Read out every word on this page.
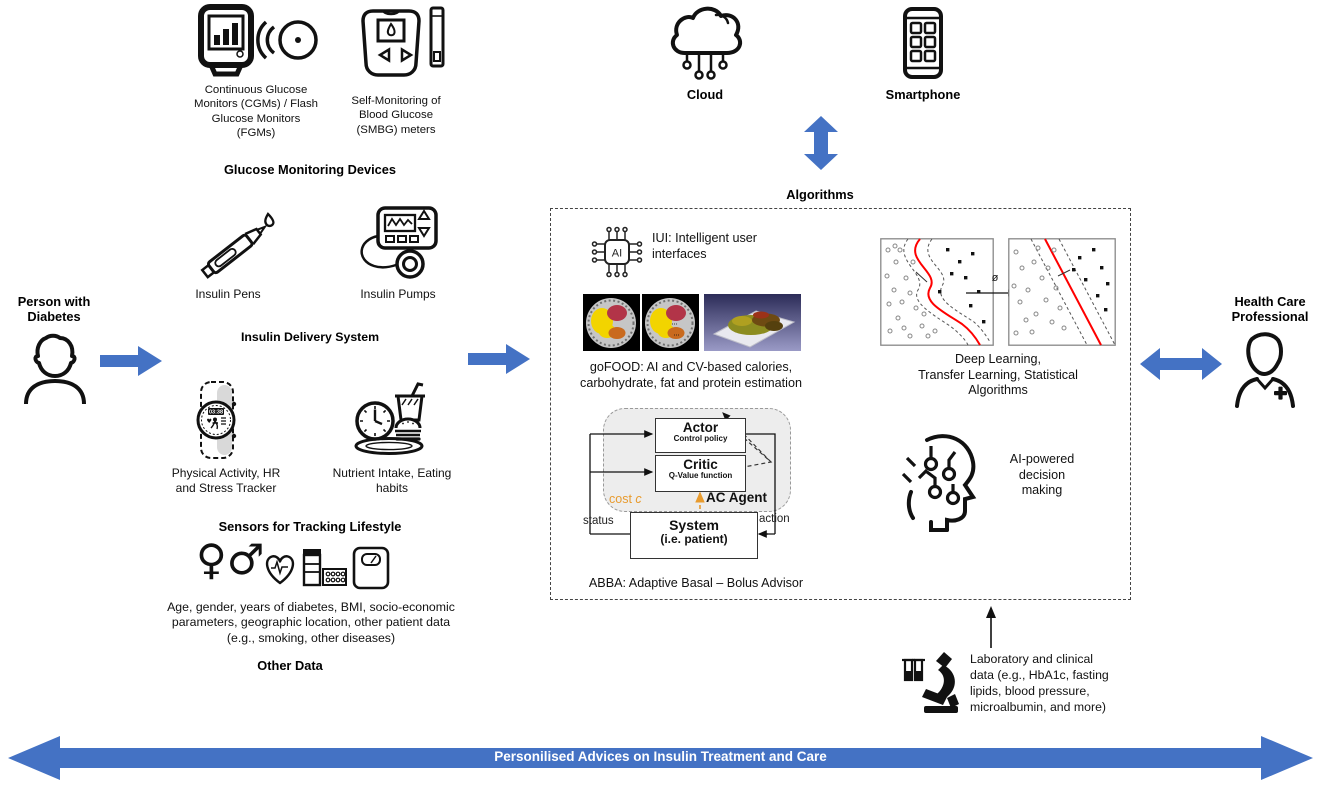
Person with
Diabetes
Continuous Glucose
Monitors (CGMs) / Flash
Glucose Monitors
(FGMs)
Self-Monitoring of
Blood Glucose
(SMBG) meters
Glucose Monitoring Devices
Cloud	Smartphone
Algorithms
Insulin Pens	Insulin Pumps
Insulin Delivery System
03:38
♥
Physical Activity, HR
and Stress Tracker
Nutrient Intake, Eating
habits
Sensors for Tracking Lifestyle
♀♂
Age, gender, years of diabetes, BMI, socio-economic
parameters, geographic location, other patient data
(e.g., smoking, other diseases)
Other Data
AI
IUI: Intelligent user
interfaces
goFOOD: AI and CV-based calories,
carbohydrate, fat and protein estimation
Actor
Control policy
Critic
Q-Value function
cost c	AC Agent
System
(i.e. patient)
status	action
ABBA: Adaptive Basal – Bolus Advisor
ø
Deep Learning,
Transfer Learning, Statistical
Algorithms
AI-powered
decision
making
Laboratory and clinical
data (e.g., HbA1c, fasting
lipids, blood pressure,
microalbumin, and more)
Health Care
Professional
Personilised Advices on Insulin Treatment and Care
